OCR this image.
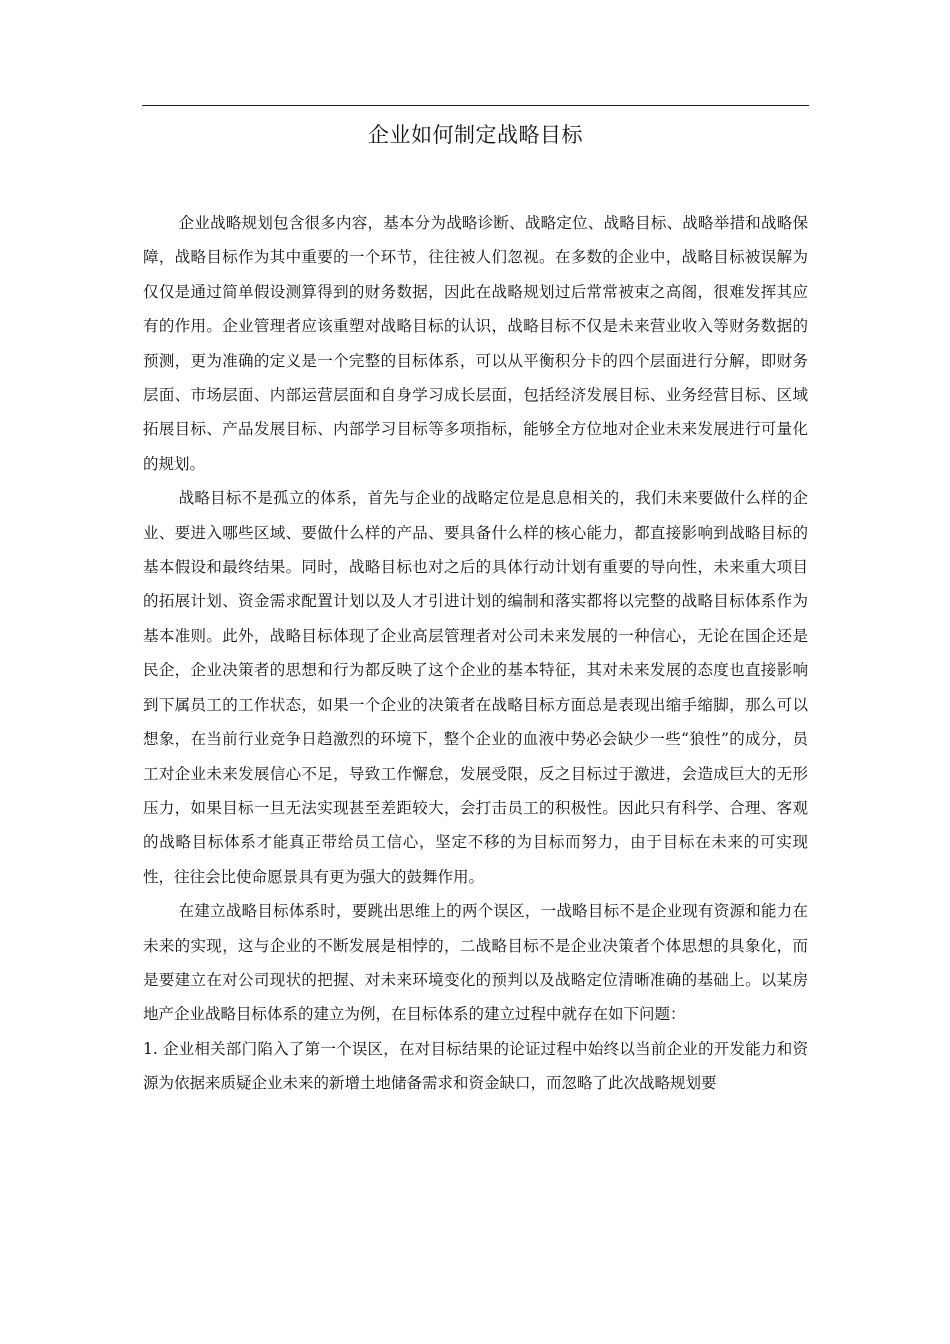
企业如何制定战略目标

企业战略规划包含很多内容，基本分为战略诊断、战略定位、战略目标、战略举措和战略保障，战略目标作为其中重要的一个环节，往往被人们忽视。在多数的企业中，战略目标被误解为仅仅是通过简单假设测算得到的财务数据，因此在战略规划过后常常被束之高阁，很难发挥其应有的作用。企业管理者应该重塑对战略目标的认识，战略目标不仅是未来营业收入等财务数据的预测，更为准确的定义是一个完整的目标体系，可以从平衡积分卡的四个层面进行分解，即财务层面、市场层面、内部运营层面和自身学习成长层面，包括经济发展目标、业务经营目标、区域拓展目标、产品发展目标、内部学习目标等多项指标，能够全方位地对企业未来发展进行可量化的规划。

战略目标不是孤立的体系，首先与企业的战略定位是息息相关的，我们未来要做什么样的企业、要进入哪些区域、要做什么样的产品、要具备什么样的核心能力，都直接影响到战略目标的基本假设和最终结果。同时，战略目标也对之后的具体行动计划有重要的导向性，未来重大项目的拓展计划、资金需求配置计划以及人才引进计划的编制和落实都将以完整的战略目标体系作为基本准则。此外，战略目标体现了企业高层管理者对公司未来发展的一种信心，无论在国企还是民企，企业决策者的思想和行为都反映了这个企业的基本特征，其对未来发展的态度也直接影响到下属员工的工作状态，如果一个企业的决策者在战略目标方面总是表现出缩手缩脚，那么可以想象，在当前行业竞争日趋激烈的环境下，整个企业的血液中势必会缺少一些“狼性”的成分，员工对企业未来发展信心不足，导致工作懈怠，发展受限，反之目标过于激进，会造成巨大的无形压力，如果目标一旦无法实现甚至差距较大，会打击员工的积极性。因此只有科学、合理、客观的战略目标体系才能真正带给员工信心，坚定不移的为目标而努力，由于目标在未来的可实现性，往往会比使命愿景具有更为强大的鼓舞作用。

在建立战略目标体系时，要跳出思维上的两个误区，一战略目标不是企业现有资源和能力在未来的实现，这与企业的不断发展是相悖的，二战略目标不是企业决策者个体思想的具象化，而是要建立在对公司现状的把握、对未来环境变化的预判以及战略定位清晰准确的基础上。以某房地产企业战略目标体系的建立为例，在目标体系的建立过程中就存在如下问题：

1. 企业相关部门陷入了第一个误区，在对目标结果的论证过程中始终以当前企业的开发能力和资源为依据来质疑企业未来的新增土地储备需求和资金缺口，而忽略了此次战略规划要
